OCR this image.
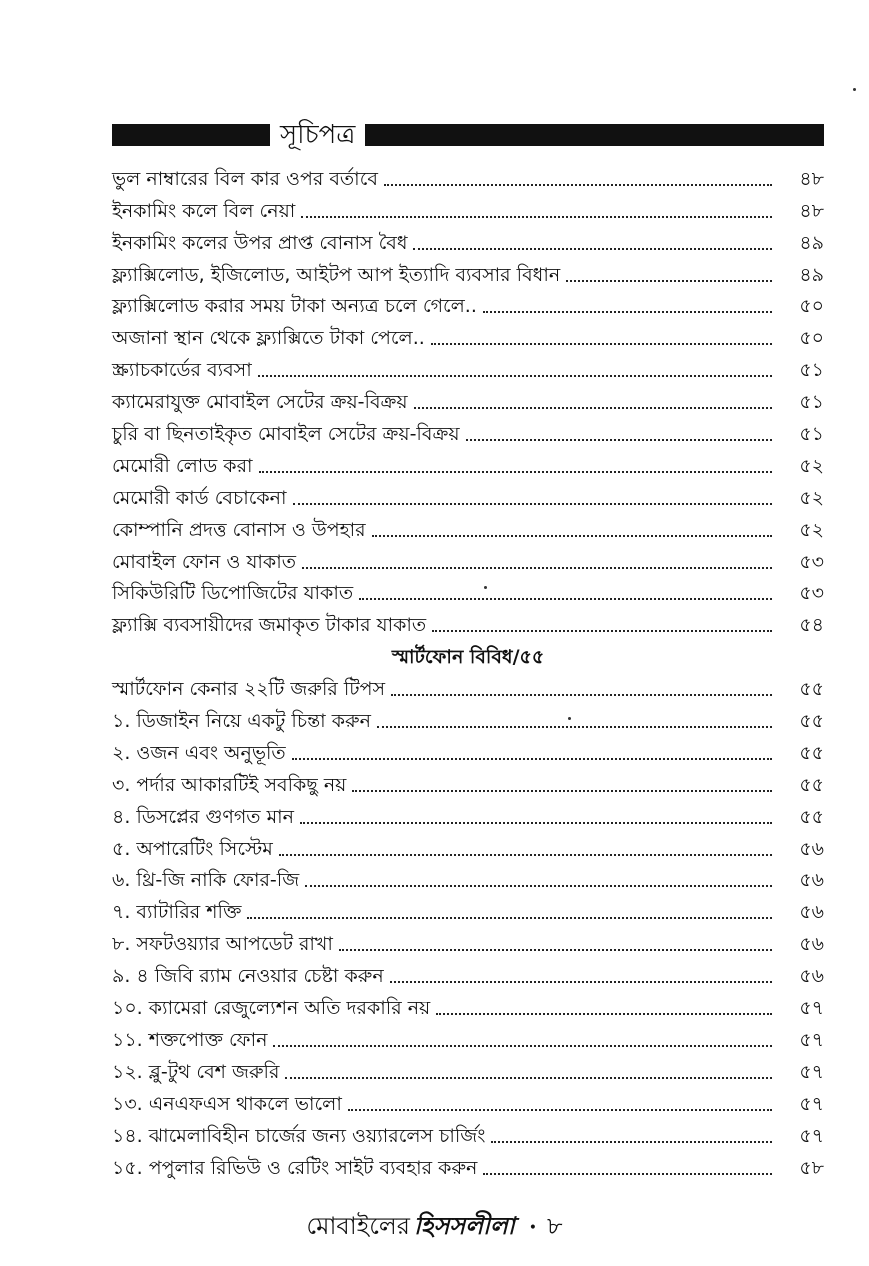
সূচিপত্র
ভুল নাম্বারের বিল কার ওপর বর্তাবে	৪৮
ইনকামিং কলে বিল নেয়া	৪৮
ইনকামিং কলের উপর প্রাপ্ত বোনাস বৈধ	৪৯
ফ্ল্যাক্সিলোড, ইজিলোড, আইটপ আপ ইত্যাদি ব্যবসার বিধান	৪৯
ফ্ল্যাক্সিলোড করার সময় টাকা অন্যত্র চলে গেলে..	৫০
অজানা স্থান থেকে ফ্ল্যাক্সিতে টাকা পেলে..	৫০
স্ক্র্যাচকার্ডের ব্যবসা	৫১
ক্যামেরাযুক্ত মোবাইল সেটের ক্রয়-বিক্রয়	৫১
চুরি বা ছিনতাইকৃত মোবাইল সেটের ক্রয়-বিক্রয়	৫১
মেমোরী লোড করা	৫২
মেমোরী কার্ড বেচাকেনা	৫২
কোম্পানি প্রদত্ত বোনাস ও উপহার	৫২
মোবাইল ফোন ও যাকাত	৫৩
সিকিউরিটি ডিপোজিটের যাকাত	৫৩
ফ্ল্যাক্সি ব্যবসায়ীদের জমাকৃত টাকার যাকাত	৫৪
স্মার্টফোন বিবিধ/৫৫
স্মার্টফোন কেনার ২২টি জরুরি টিপস	৫৫
১. ডিজাইন নিয়ে একটু চিন্তা করুন	৫৫
২. ওজন এবং অনুভূতি	৫৫
৩. পর্দার আকারটিই সবকিছু নয়	৫৫
৪. ডিসপ্লের গুণগত মান	৫৫
৫. অপারেটিং সিস্টেম	৫৬
৬. থ্রি-জি নাকি ফোর-জি	৫৬
৭. ব্যাটারির শক্তি	৫৬
৮. সফটওয়্যার আপডেট রাখা	৫৬
৯. ৪ জিবি র‌্যাম নেওয়ার চেষ্টা করুন	৫৬
১০. ক্যামেরা রেজুল্যেশন অতি দরকারি নয়	৫৭
১১. শক্তপোক্ত ফোন	৫৭
১২. ব্লু-টুথ বেশ জরুরি	৫৭
১৩. এনএফএস থাকলে ভালো	৫৭
১৪. ঝামেলাবিহীন চার্জের জন্য ওয়্যারলেস চার্জিং	৫৭
১৫. পপুলার রিভিউ ও রেটিং সাইট ব্যবহার করুন	৫৮
মোবাইলের হিসসলীলা • ৮
